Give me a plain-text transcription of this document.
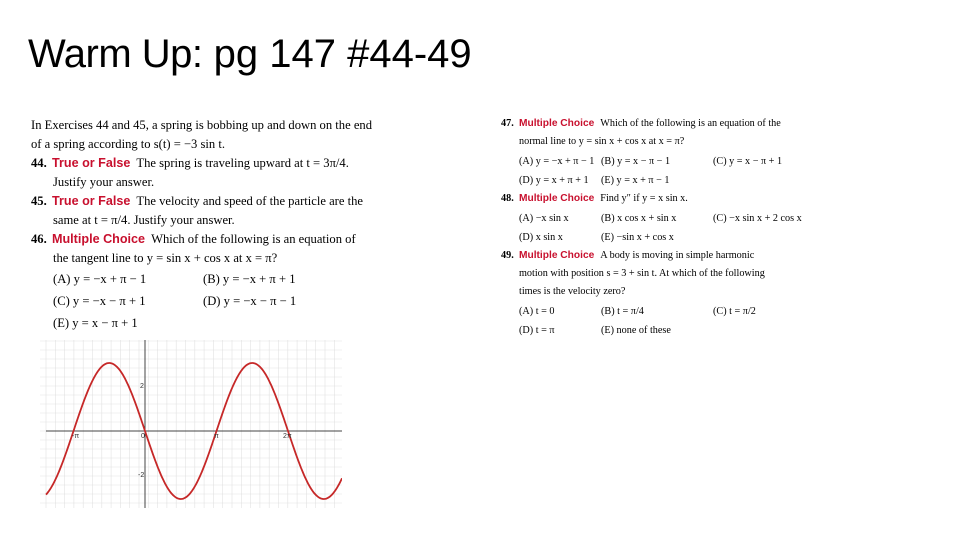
Warm Up: pg 147 #44-49

In Exercises 44 and 45, a spring is bobbing up and down on the end

of a spring according to s(t) = −3 sin t.

44. True or False The spring is traveling upward at t = 3π/4.

Justify your answer.

45. True or False The velocity and speed of the particle are the

same at t = π/4. Justify your answer.

46. Multiple Choice Which of the following is an equation of

the tangent line to y = sin x + cos x at x = π?

(A) y = −x + π − 1	(B) y = −x + π + 1
(C) y = −x − π + 1	(D) y = −x − π − 1
(E) y = x − π + 1

47. Multiple Choice Which of the following is an equation of the

normal line to y = sin x + cos x at x = π?

(A) y = −x + π − 1 (B) y = x − π − 1	(C) y = x − π + 1
(D) y = x + π + 1	(E) y = x + π − 1

48. Multiple Choice Find y″ if y = x sin x.

(A) −x sin x	(B) x cos x + sin x	(C) −x sin x + 2 cos x
(D) x sin x	(E) −sin x + cos x

49. Multiple Choice A body is moving in simple harmonic

motion with position s = 3 + sin t. At which of the following

times is the velocity zero?

(A) t = 0	(B) t = π/4	(C) t = π/2
(D) t = π	(E) none of these
-π	0	π	2π
2
-2
